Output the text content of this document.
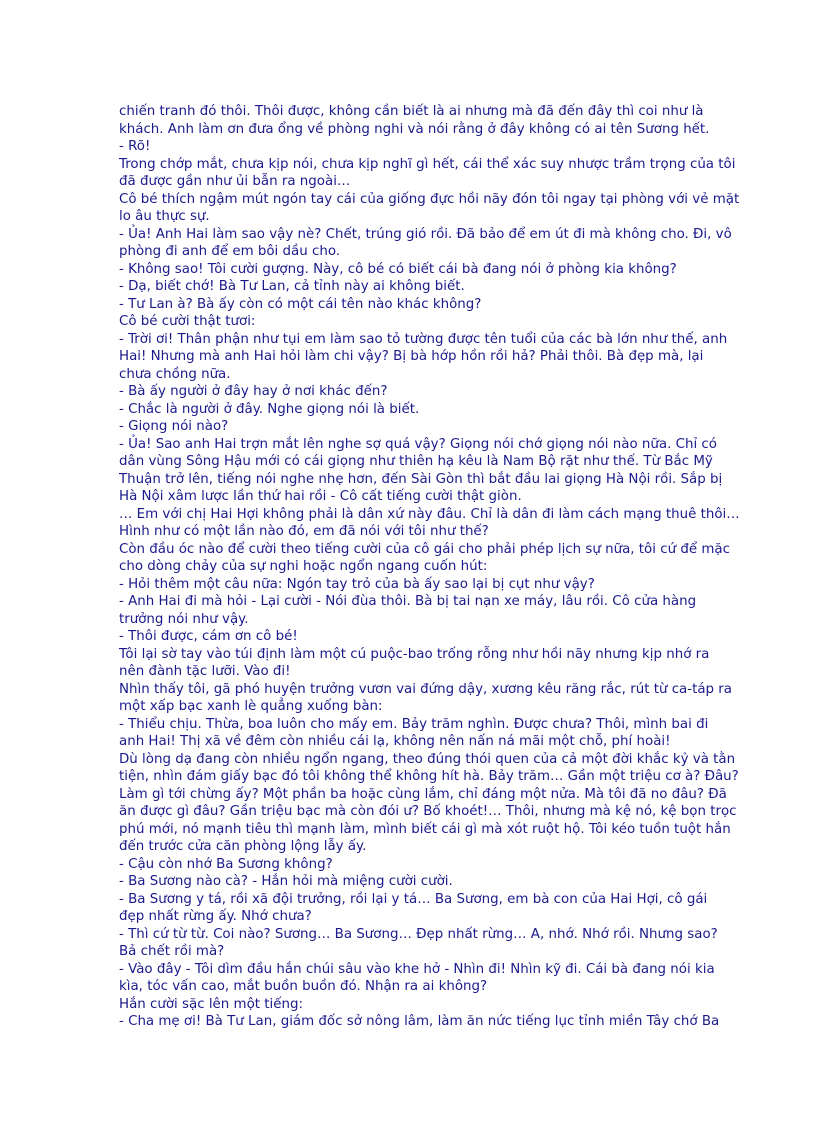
chiến tranh đó thôi. Thôi được, không cần biết là ai nhưng mà đã đến đây thì coi như là
khách. Anh làm ơn đưa ổng về phòng nghi và nói rằng ở đây không có ai tên Sương hết.
- Rõ!
Trong chớp mắt, chưa kịp nói, chưa kịp nghĩ gì hết, cái thể xác suy nhược trầm trọng của tôi
đã được gần như ủi bẫn ra ngoài…
Cô bé thích ngậm mút ngón tay cái của giống đực hồi nãy đón tôi ngay tại phòng với vẻ mặt
lo âu thực sự.
- Ủa! Anh Hai làm sao vậy nè? Chết, trúng gió rồi. Đã bảo để em út đi mà không cho. Đi, vô
phòng đi anh để em bôi dầu cho.
- Không sao! Tôi cười gượng. Này, cô bé có biết cái bà đang nói ở phòng kia không?
- Dạ, biết chớ! Bà Tư Lan, cả tỉnh này ai không biết.
- Tư Lan à? Bà ấy còn có một cái tên nào khác không?
Cô bé cười thật tươi:
- Trời ơi! Thân phận như tụi em làm sao tỏ tường được tên tuổi của các bà lớn như thế, anh
Hai! Nhưng mà anh Hai hỏi làm chi vậy? Bị bà hớp hồn rồi hả? Phải thôi. Bà đẹp mà, lại
chưa chồng nữa.
- Bà ấy người ở đây hay ở nơi khác đến?
- Chắc là người ở đây. Nghe giọng nói là biết.
- Giọng nói nào?
- Ủa! Sao anh Hai trợn mắt lên nghe sợ quá vậy? Giọng nói chớ giọng nói nào nữa. Chỉ có
dân vùng Sông Hậu mới có cái giọng như thiên hạ kêu là Nam Bộ rặt như thế. Từ Bắc Mỹ
Thuận trở lên, tiếng nói nghe nhẹ hơn, đến Sài Gòn thì bắt đầu lai giọng Hà Nội rồi. Sắp bị
Hà Nội xâm lược lần thứ hai rồi - Cô cất tiếng cười thật giòn.
… Em với chị Hai Hợi không phải là dân xứ này đâu. Chỉ là dân đi làm cách mạng thuê thôi…
Hình như có một lần nào đó, em đã nói với tôi như thế?
Còn đầu óc nào để cười theo tiếng cười của cô gái cho phải phép lịch sự nữa, tôi cứ để mặc
cho dòng chảy của sự nghi hoặc ngổn ngang cuốn hút:
- Hỏi thêm một câu nữa: Ngón tay trỏ của bà ấy sao lại bị cụt như vậy?
- Anh Hai đi mà hỏi - Lại cười - Nói đùa thôi. Bà bị tai nạn xe máy, lâu rồi. Cô cửa hàng
trưởng nói như vậy.
- Thôi được, cám ơn cô bé!
Tôi lại sờ tay vào túi định làm một cú puộc-bao trống rỗng như hồi nãy nhưng kịp nhớ ra
nên đành tặc lưỡi. Vào đi!
Nhìn thấy tôi, gã phó huyện trưởng vươn vai đứng dậy, xương kêu răng rắc, rút từ ca-táp ra
một xấp bạc xanh lè quẳng xuống bàn:
- Thiểu chịu. Thừa, boa luôn cho mấy em. Bảy trăm nghìn. Được chưa? Thôi, mình bai đi
anh Hai! Thị xã về đêm còn nhiều cái lạ, không nên nấn ná mãi một chỗ, phí hoài!
Dù lòng dạ đang còn nhiều ngổn ngang, theo đúng thói quen của cả một đời khắc kỷ và tằn
tiện, nhìn đám giấy bạc đó tôi không thể không hít hà. Bảy trăm… Gần một triệu cơ à? Đâu?
Làm gì tới chừng ấy? Một phần ba hoặc cùng lắm, chỉ đáng một nửa. Mà tôi đã no đâu? Đã
ăn được gì đâu? Gần triệu bạc mà còn đói ư? Bố khoét!… Thôi, nhưng mà kệ nó, kệ bọn trọc
phú mới, nó mạnh tiêu thì mạnh làm, mình biết cái gì mà xót ruột hộ. Tôi kéo tuồn tuột hắn
đến trước cửa căn phòng lộng lẫy ấy.
- Cậu còn nhớ Ba Sương không?
- Ba Sương nào cà? - Hắn hỏi mà miệng cười cười.
- Ba Sương y tá, rồi xã đội trưởng, rồi lại y tá… Ba Sương, em bà con của Hai Hợi, cô gái
đẹp nhất rừng ấy. Nhớ chưa?
- Thì cứ từ từ. Coi nào? Sương… Ba Sương… Đẹp nhất rừng… A, nhớ. Nhớ rồi. Nhưng sao?
Bả chết rồi mà?
- Vào đây - Tôi dìm đầu hắn chúi sâu vào khe hở - Nhìn đi! Nhìn kỹ đi. Cái bà đang nói kia
kìa, tóc vấn cao, mắt buồn buồn đó. Nhận ra ai không?
Hắn cười sặc lên một tiếng:
- Cha mẹ ơi! Bà Tư Lan, giám đốc sở nông lâm, làm ăn nức tiếng lục tỉnh miền Tây chớ Ba
